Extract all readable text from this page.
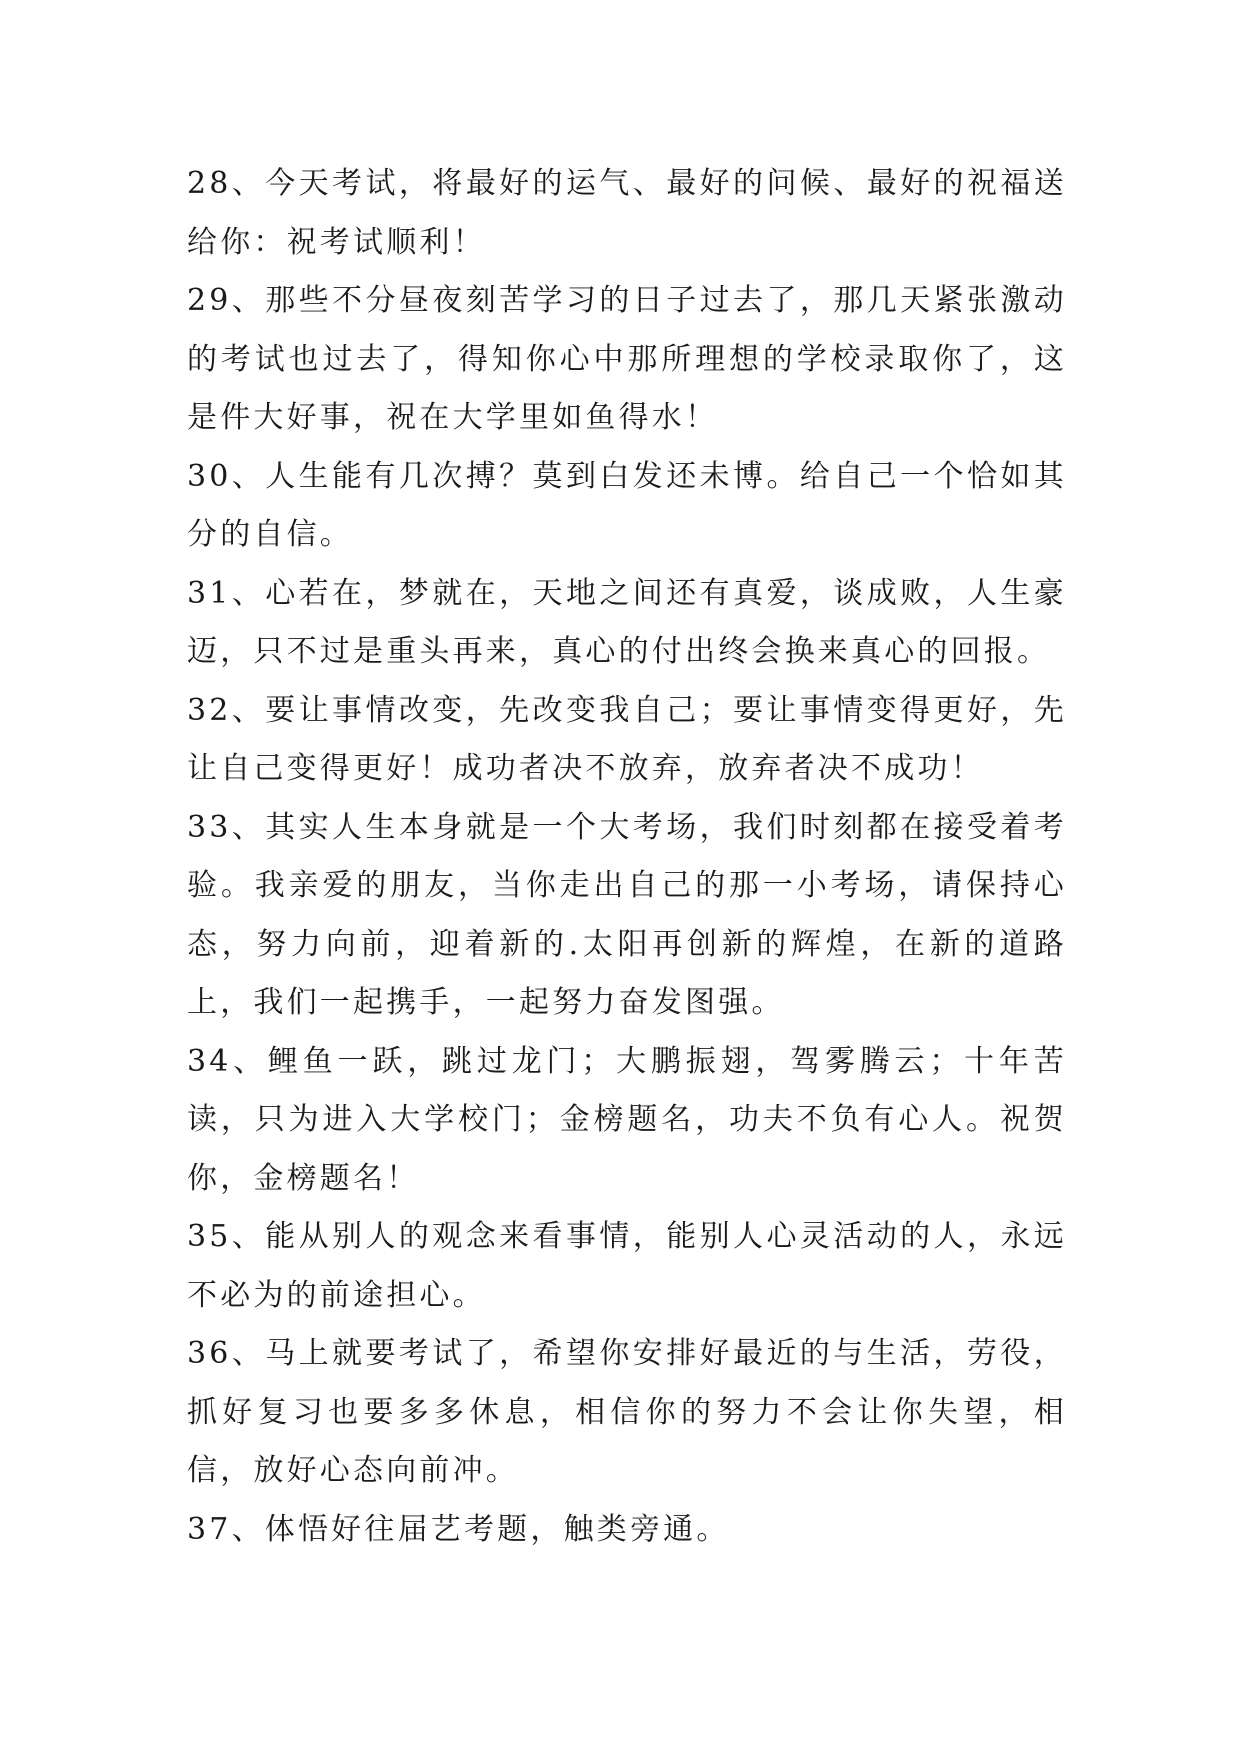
28、今天考试，将最好的运气、最好的问候、最好的祝福送给你：祝考试顺利！

29、那些不分昼夜刻苦学习的日子过去了，那几天紧张激动的考试也过去了，得知你心中那所理想的学校录取你了，这是件大好事，祝在大学里如鱼得水！

30、人生能有几次搏？莫到白发还未博。给自己一个恰如其分的自信。

31、心若在，梦就在，天地之间还有真爱，谈成败，人生豪迈，只不过是重头再来，真心的付出终会换来真心的回报。

32、要让事情改变，先改变我自己；要让事情变得更好，先让自己变得更好！成功者决不放弃，放弃者决不成功！

33、其实人生本身就是一个大考场，我们时刻都在接受着考验。我亲爱的朋友，当你走出自己的那一小考场，请保持心态，努力向前，迎着新的.太阳再创新的辉煌，在新的道路上，我们一起携手，一起努力奋发图强。

34、鲤鱼一跃，跳过龙门；大鹏振翅，驾雾腾云；十年苦读，只为进入大学校门；金榜题名，功夫不负有心人。祝贺你，金榜题名！

35、能从别人的观念来看事情，能别人心灵活动的人，永远不必为的前途担心。

36、马上就要考试了，希望你安排好最近的与生活，劳役，抓好复习也要多多休息，相信你的努力不会让你失望，相信，放好心态向前冲。

37、体悟好往届艺考题，触类旁通。
